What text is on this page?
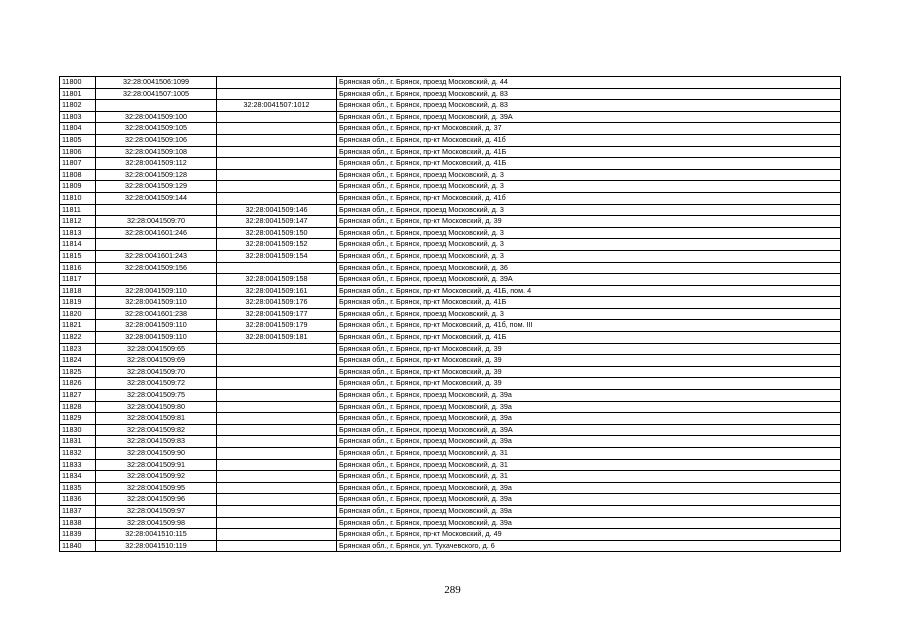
11800	32:28:0041506:1099		Брянская обл., г. Брянск, проезд Московский, д. 44
11801	32:28:0041507:1005		Брянская обл., г. Брянск, проезд Московский, д. 83
11802		32:28:0041507:1012	Брянская обл., г. Брянск, проезд Московский, д. 83
11803	32:28:0041509:100		Брянская обл., г. Брянск, проезд Московский, д. 39А
11804	32:28:0041509:105		Брянская обл., г. Брянск, пр-кт Московский, д. 37
11805	32:28:0041509:106		Брянская обл., г. Брянск, пр-кт Московский, д. 41б
11806	32:28:0041509:108		Брянская обл., г. Брянск, пр-кт Московский, д. 41Б
11807	32:28:0041509:112		Брянская обл., г. Брянск, пр-кт Московский, д. 41Б
11808	32:28:0041509:128		Брянская обл., г. Брянск, проезд Московский, д. 3
11809	32:28:0041509:129		Брянская обл., г. Брянск, проезд Московский, д. 3
11810	32:28:0041509:144		Брянская обл., г. Брянск, пр-кт Московский, д. 41б
11811		32:28:0041509:146	Брянская обл., г. Брянск, проезд Московский, д. 3
11812	32:28:0041509:70	32:28:0041509:147	Брянская обл., г. Брянск, пр-кт Московский, д. 39
11813	32:28:0041601:246	32:28:0041509:150	Брянская обл., г. Брянск, проезд Московский, д. 3
11814		32:28:0041509:152	Брянская обл., г. Брянск, проезд Московский, д. 3
11815	32:28:0041601:243	32:28:0041509:154	Брянская обл., г. Брянск, проезд Московский, д. 3
11816	32:28:0041509:156		Брянская обл., г. Брянск, проезд Московский, д. 36
11817		32:28:0041509:158	Брянская обл., г. Брянск, проезд Московский, д. 39А
11818	32:28:0041509:110	32:28:0041509:161	Брянская обл., г. Брянск, пр-кт Московский, д. 41Б, пом. 4
11819	32:28:0041509:110	32:28:0041509:176	Брянская обл., г. Брянск, пр-кт Московский, д. 41Б
11820	32:28:0041601:238	32:28:0041509:177	Брянская обл., г. Брянск, проезд Московский, д. 3
11821	32:28:0041509:110	32:28:0041509:179	Брянская обл., г. Брянск, пр-кт Московский, д. 41б, пом. III
11822	32:28:0041509:110	32:28:0041509:181	Брянская обл., г. Брянск, пр-кт Московский, д. 41Б
11823	32:28:0041509:65		Брянская обл., г. Брянск, пр-кт Московский, д. 39
11824	32:28:0041509:69		Брянская обл., г. Брянск, пр-кт Московский, д. 39
11825	32:28:0041509:70		Брянская обл., г. Брянск, пр-кт Московский, д. 39
11826	32:28:0041509:72		Брянская обл., г. Брянск, пр-кт Московский, д. 39
11827	32:28:0041509:75		Брянская обл., г. Брянск, проезд Московский, д. 39а
11828	32:28:0041509:80		Брянская обл., г. Брянск, проезд Московский, д. 39а
11829	32:28:0041509:81		Брянская обл., г. Брянск, проезд Московский, д. 39а
11830	32:28:0041509:82		Брянская обл., г. Брянск, проезд Московский, д. 39А
11831	32:28:0041509:83		Брянская обл., г. Брянск, проезд Московский, д. 39а
11832	32:28:0041509:90		Брянская обл., г. Брянск, проезд Московский, д. 31
11833	32:28:0041509:91		Брянская обл., г. Брянск, проезд Московский, д. 31
11834	32:28:0041509:92		Брянская обл., г. Брянск, проезд Московский, д. 31
11835	32:28:0041509:95		Брянская обл., г. Брянск, проезд Московский, д. 39а
11836	32:28:0041509:96		Брянская обл., г. Брянск, проезд Московский, д. 39а
11837	32:28:0041509:97		Брянская обл., г. Брянск, проезд Московский, д. 39а
11838	32:28:0041509:98		Брянская обл., г. Брянск, проезд Московский, д. 39а
11839	32:28:0041510:115		Брянская обл., г. Брянск, пр-кт Московский, д. 49
11840	32:28:0041510:119		Брянская обл., г. Брянск, ул. Тухачевского, д. 6
289
